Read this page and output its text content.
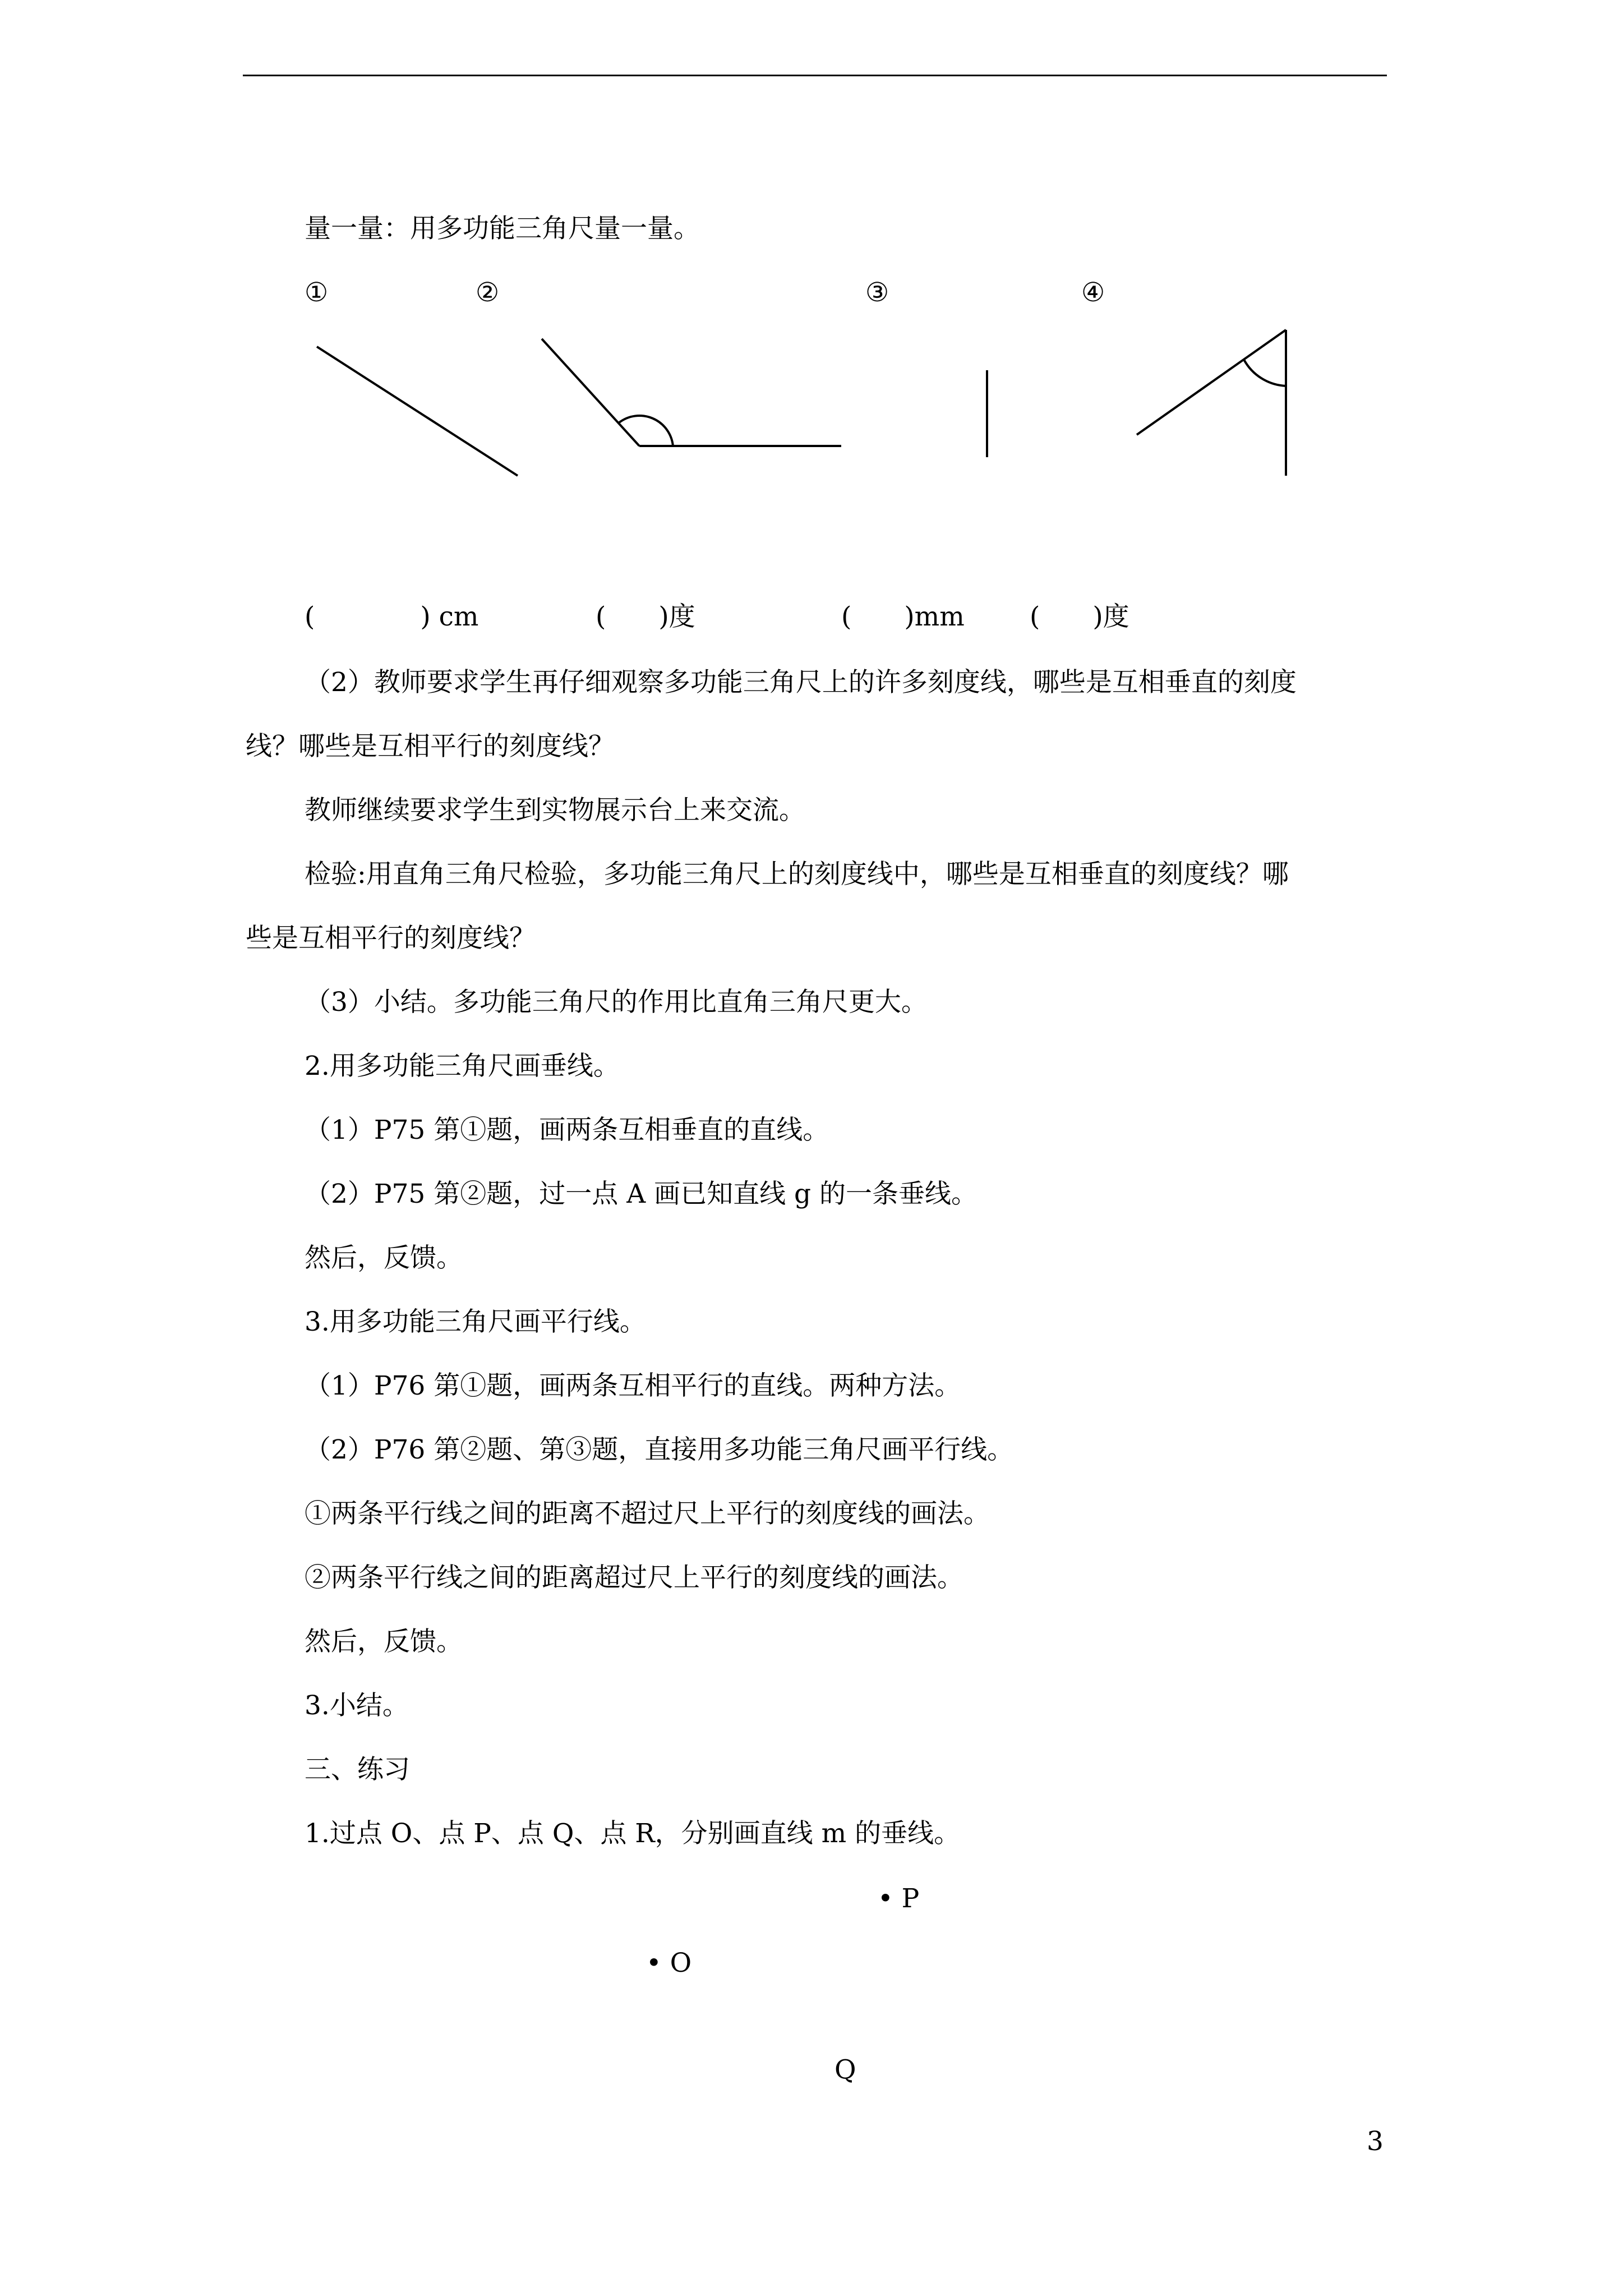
量一量：用多功能三角尺量一量。
①	②	③	④
(　　　　) cm	(　　)度	(　　)mm (　　)度
（2）教师要求学生再仔细观察多功能三角尺上的许多刻度线，哪些是互相垂直的刻度
线？哪些是互相平行的刻度线？
教师继续要求学生到实物展示台上来交流。
检验:用直角三角尺检验，多功能三角尺上的刻度线中，哪些是互相垂直的刻度线？哪
些是互相平行的刻度线？
（3）小结。多功能三角尺的作用比直角三角尺更大。
2.用多功能三角尺画垂线。
（1）P75 第①题，画两条互相垂直的直线。
（2）P75 第②题，过一点 A 画已知直线 g 的一条垂线。
然后，反馈。
3.用多功能三角尺画平行线。
（1）P76 第①题，画两条互相平行的直线。两种方法。
（2）P76 第②题、第③题，直接用多功能三角尺画平行线。
①两条平行线之间的距离不超过尺上平行的刻度线的画法。
②两条平行线之间的距离超过尺上平行的刻度线的画法。
然后，反馈。
3.小结。
三、练习
1.过点 O、点 P、点 Q、点 R，分别画直线 m 的垂线。
• P
• O
Q
3
